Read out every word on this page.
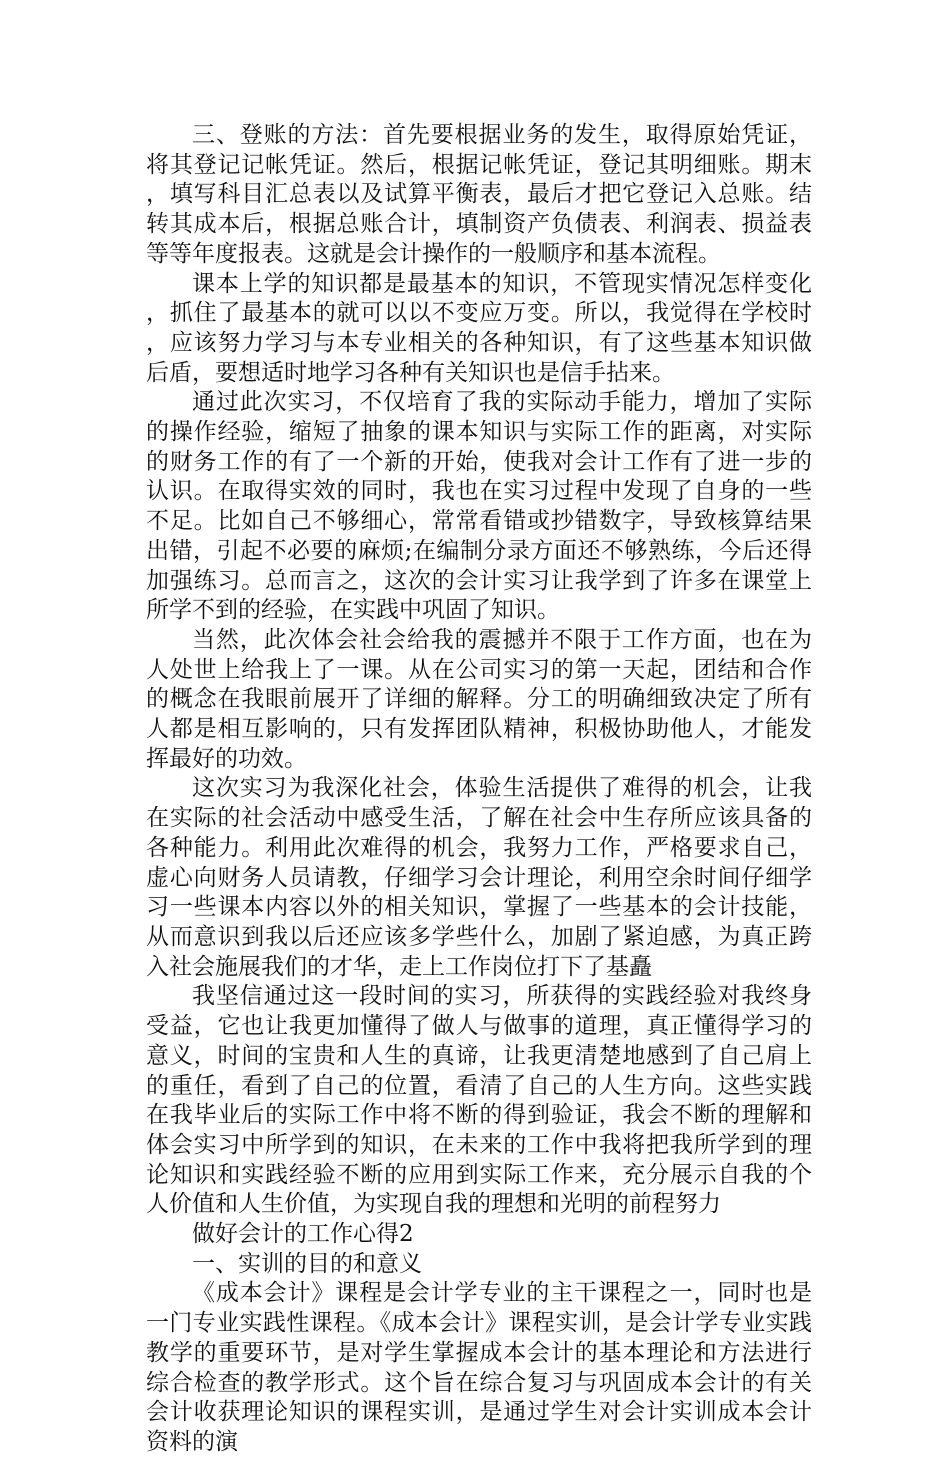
三、登账的方法：首先要根据业务的发生，取得原始凭证，将其登记记帐凭证。然后，根据记帐凭证，登记其明细账。期末，填写科目汇总表以及试算平衡表，最后才把它登记入总账。结转其成本后，根据总账合计，填制资产负债表、利润表、损益表等等年度报表。这就是会计操作的一般顺序和基本流程。

课本上学的知识都是最基本的知识，不管现实情况怎样变化，抓住了最基本的就可以以不变应万变。所以，我觉得在学校时，应该努力学习与本专业相关的各种知识，有了这些基本知识做后盾，要想适时地学习各种有关知识也是信手拈来。

通过此次实习，不仅培育了我的实际动手能力，增加了实际的操作经验，缩短了抽象的课本知识与实际工作的距离，对实际的财务工作的有了一个新的开始，使我对会计工作有了进一步的认识。在取得实效的同时，我也在实习过程中发现了自身的一些不足。比如自己不够细心，常常看错或抄错数字，导致核算结果出错，引起不必要的麻烦;在编制分录方面还不够熟练，今后还得加强练习。总而言之，这次的会计实习让我学到了许多在课堂上所学不到的经验，在实践中巩固了知识。

当然，此次体会社会给我的震撼并不限于工作方面，也在为人处世上给我上了一课。从在公司实习的第一天起，团结和合作的概念在我眼前展开了详细的解释。分工的明确细致决定了所有人都是相互影响的，只有发挥团队精神，积极协助他人，才能发挥最好的功效。

这次实习为我深化社会，体验生活提供了难得的机会，让我在实际的社会活动中感受生活，了解在社会中生存所应该具备的各种能力。利用此次难得的机会，我努力工作，严格要求自己，虚心向财务人员请教，仔细学习会计理论，利用空余时间仔细学习一些课本内容以外的相关知识，掌握了一些基本的会计技能，从而意识到我以后还应该多学些什么，加剧了紧迫感，为真正跨入社会施展我们的才华，走上工作岗位打下了基矗

我坚信通过这一段时间的实习，所获得的实践经验对我终身受益，它也让我更加懂得了做人与做事的道理，真正懂得学习的意义，时间的宝贵和人生的真谛，让我更清楚地感到了自己肩上的重任，看到了自己的位置，看清了自己的人生方向。这些实践在我毕业后的实际工作中将不断的得到验证，我会不断的理解和体会实习中所学到的知识，在未来的工作中我将把我所学到的理论知识和实践经验不断的应用到实际工作来，充分展示自我的个人价值和人生价值，为实现自我的理想和光明的前程努力

做好会计的工作心得2

一、实训的目的和意义

《成本会计》课程是会计学专业的主干课程之一，同时也是一门专业实践性课程。《成本会计》课程实训，是会计学专业实践教学的重要环节，是对学生掌握成本会计的基本理论和方法进行综合检查的教学形式。这个旨在综合复习与巩固成本会计的有关会计收获理论知识的课程实训，是通过学生对会计实训成本会计资料的演
